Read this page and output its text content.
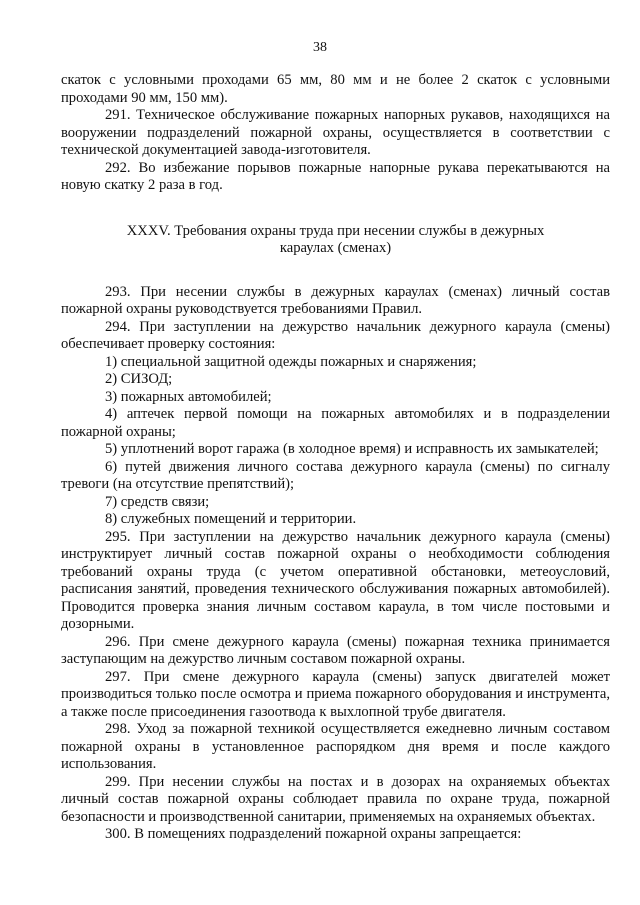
38

скаток с условными проходами 65 мм, 80 мм и не более 2 скаток с условными проходами 90 мм, 150 мм).

291. Техническое обслуживание пожарных напорных рукавов, находящихся на вооружении подразделений пожарной охраны, осуществляется в соответствии с технической документацией завода-изготовителя.

292. Во избежание порывов пожарные напорные рукава перекатываются на новую скатку 2 раза в год.

XXXV. Требования охраны труда при несении службы в дежурных караулах (сменах)

293. При несении службы в дежурных караулах (сменах) личный состав пожарной охраны руководствуется требованиями Правил.

294. При заступлении на дежурство начальник дежурного караула (смены) обеспечивает проверку состояния:

1) специальной защитной одежды пожарных и снаряжения;

2) СИЗОД;

3) пожарных автомобилей;

4) аптечек первой помощи на пожарных автомобилях и в подразделении пожарной охраны;

5) уплотнений ворот гаража (в холодное время) и исправность их замыкателей;

6) путей движения личного состава дежурного караула (смены) по сигналу тревоги (на отсутствие препятствий);

7) средств связи;

8) служебных помещений и территории.

295. При заступлении на дежурство начальник дежурного караула (смены) инструктирует личный состав пожарной охраны о необходимости соблюдения требований охраны труда (с учетом оперативной обстановки, метеоусловий, расписания занятий, проведения технического обслуживания пожарных автомобилей). Проводится проверка знания личным составом караула, в том числе постовыми и дозорными.

296. При смене дежурного караула (смены) пожарная техника принимается заступающим на дежурство личным составом пожарной охраны.

297. При смене дежурного караула (смены) запуск двигателей может производиться только после осмотра и приема пожарного оборудования и инструмента, а также после присоединения газоотвода к выхлопной трубе двигателя.

298. Уход за пожарной техникой осуществляется ежедневно личным составом пожарной охраны в установленное распорядком дня время и после каждого использования.

299. При несении службы на постах и в дозорах на охраняемых объектах личный состав пожарной охраны соблюдает правила по охране труда, пожарной безопасности и производственной санитарии, применяемых на охраняемых объектах.

300. В помещениях подразделений пожарной охраны запрещается:
